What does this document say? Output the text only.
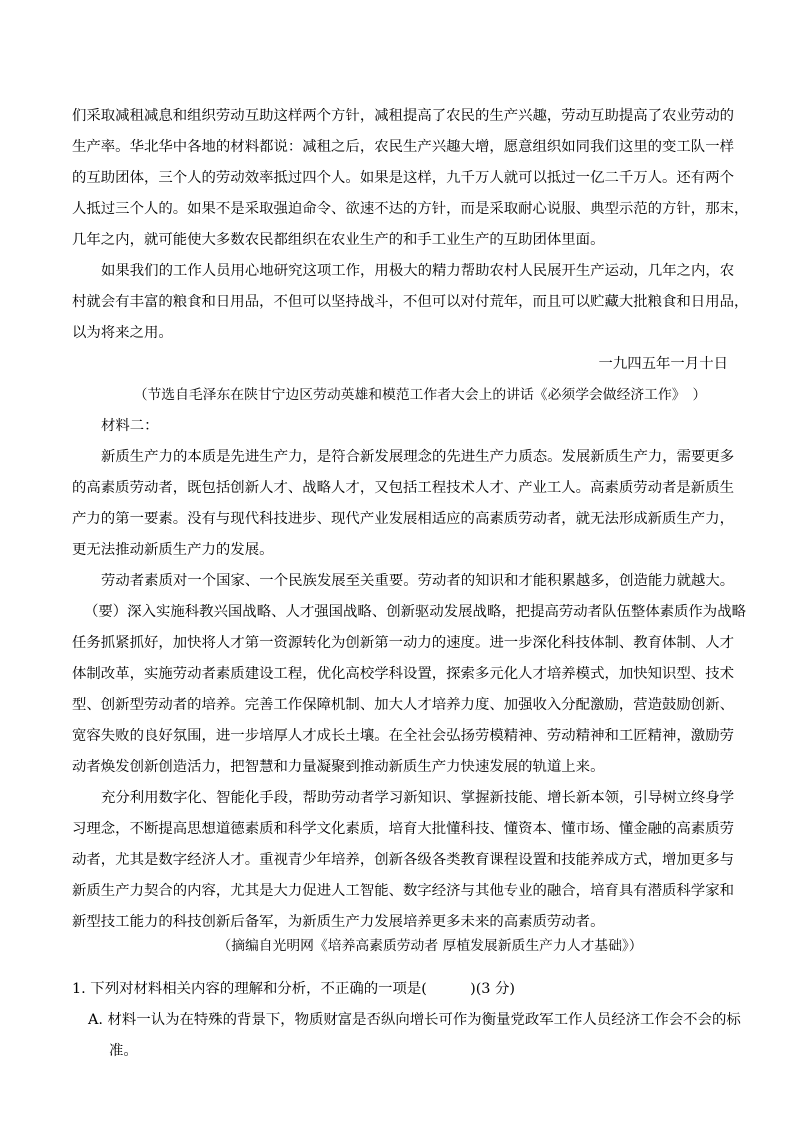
们采取减租减息和组织劳动互助这样两个方针，减租提高了农民的生产兴趣，劳动互助提高了农业劳动的
生产率。华北华中各地的材料都说：减租之后，农民生产兴趣大增，愿意组织如同我们这里的变工队一样
的互助团体，三个人的劳动效率抵过四个人。如果是这样，九千万人就可以抵过一亿二千万人。还有两个
人抵过三个人的。如果不是采取强迫命令、欲速不达的方针，而是采取耐心说服、典型示范的方针，那末，
几年之内，就可能使大多数农民都组织在农业生产的和手工业生产的互助团体里面。
如果我们的工作人员用心地研究这项工作，用极大的精力帮助农村人民展开生产运动，几年之内，农
村就会有丰富的粮食和日用品，不但可以坚持战斗，不但可以对付荒年，而且可以贮藏大批粮食和日用品，
以为将来之用。
一九四五年一月十日
（节选自毛泽东在陕甘宁边区劳动英雄和模范工作者大会上的讲话《必须学会做经济工作》　）
材料二：
新质生产力的本质是先进生产力，是符合新发展理念的先进生产力质态。发展新质生产力，需要更多
的高素质劳动者，既包括创新人才、战略人才，又包括工程技术人才、产业工人。高素质劳动者是新质生
产力的第一要素。没有与现代科技进步、现代产业发展相适应的高素质劳动者，就无法形成新质生产力，
更无法推动新质生产力的发展。
劳动者素质对一个国家、一个民族发展至关重要。劳动者的知识和才能积累越多，创造能力就越大。
（要）深入实施科教兴国战略、人才强国战略、创新驱动发展战略，把提高劳动者队伍整体素质作为战略
任务抓紧抓好，加快将人才第一资源转化为创新第一动力的速度。进一步深化科技体制、教育体制、人才
体制改革，实施劳动者素质建设工程，优化高校学科设置，探索多元化人才培养模式，加快知识型、技术
型、创新型劳动者的培养。完善工作保障机制、加大人才培养力度、加强收入分配激励，营造鼓励创新、
宽容失败的良好氛围，进一步培厚人才成长土壤。在全社会弘扬劳模精神、劳动精神和工匠精神，激励劳
动者焕发创新创造活力，把智慧和力量凝聚到推动新质生产力快速发展的轨道上来。
充分利用数字化、智能化手段，帮助劳动者学习新知识、掌握新技能、增长新本领，引导树立终身学
习理念，不断提高思想道德素质和科学文化素质，培育大批懂科技、懂资本、懂市场、懂金融的高素质劳
动者，尤其是数字经济人才。重视青少年培养，创新各级各类教育课程设置和技能养成方式，增加更多与
新质生产力契合的内容，尤其是大力促进人工智能、数字经济与其他专业的融合，培育具有潜质科学家和
新型技工能力的科技创新后备军，为新质生产力发展培养更多未来的高素质劳动者。
（摘编自光明网《培养高素质劳动者 厚植发展新质生产力人才基础》）
1. 下列对材料相关内容的理解和分析，不正确的一项是(　　　)(3 分)
A. 材料一认为在特殊的背景下，物质财富是否纵向增长可作为衡量党政军工作人员经济工作会不会的标
准。
